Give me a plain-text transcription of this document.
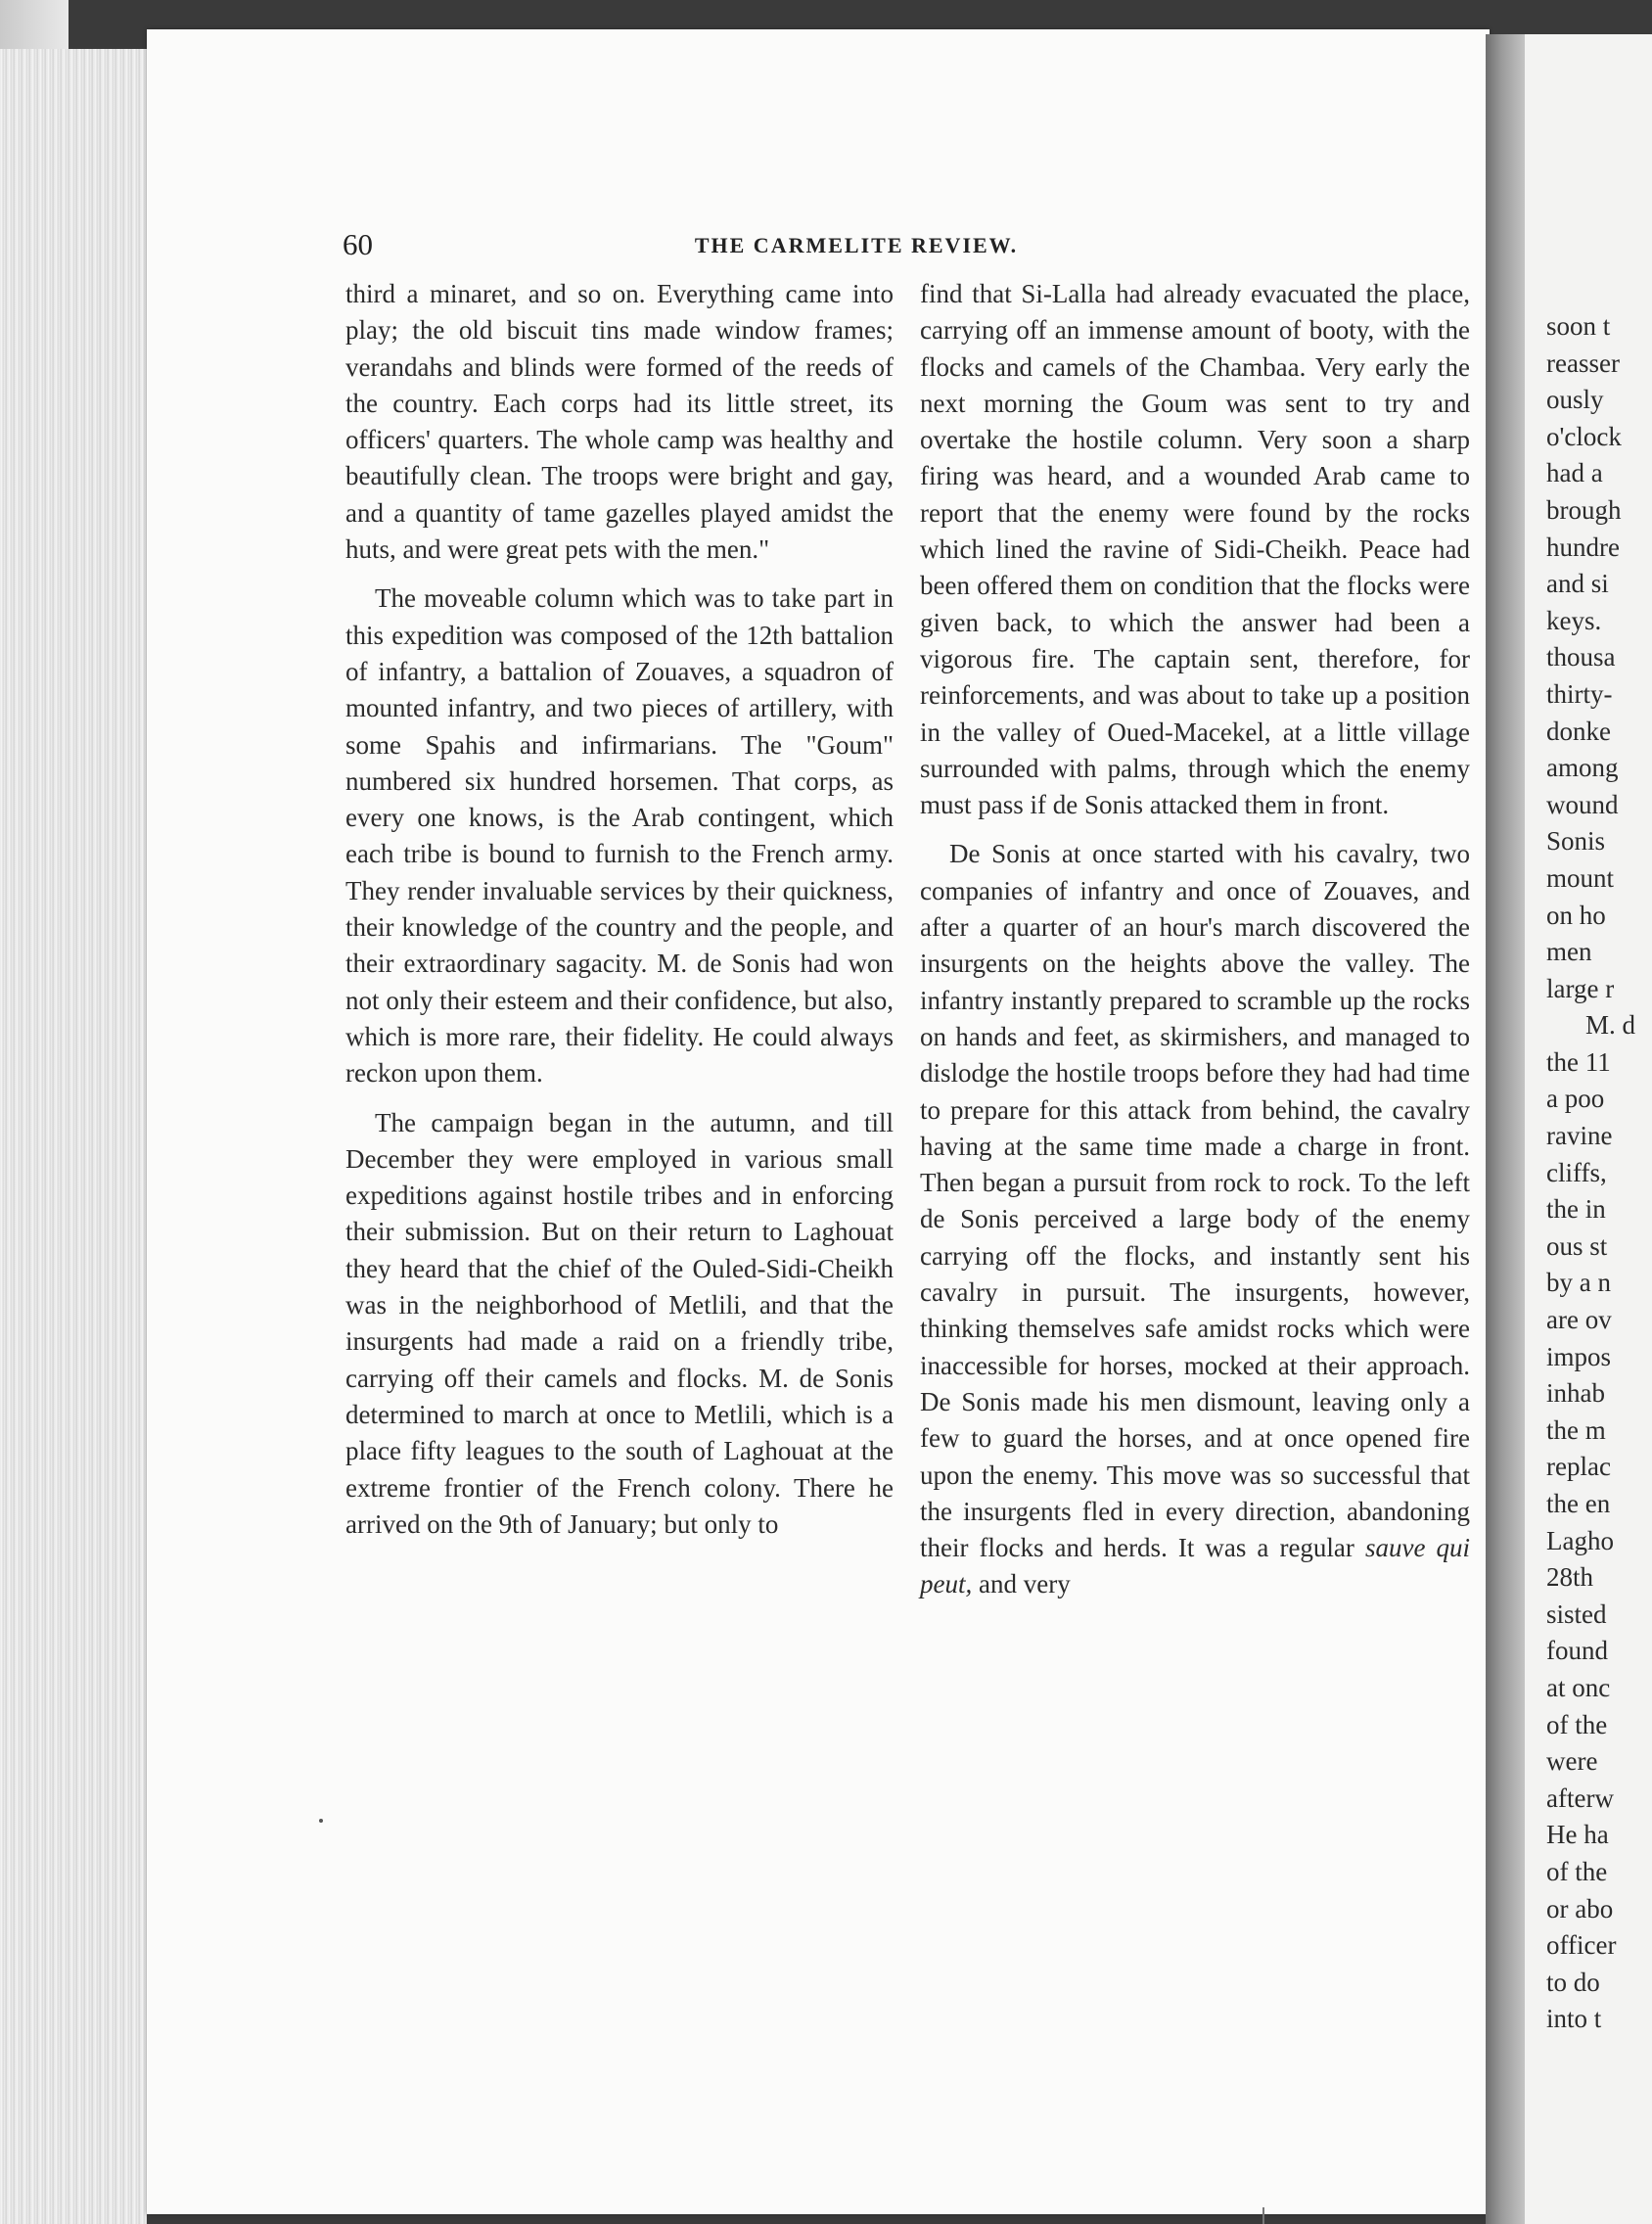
60	THE CARMELITE REVIEW.

third a minaret, and so on. Everything came into play; the old biscuit tins made window frames; verandahs and blinds were formed of the reeds of the country. Each corps had its little street, its officers' quarters. The whole camp was healthy and beautifully clean. The troops were bright and gay, and a quantity of tame gazelles played amidst the huts, and were great pets with the men."

The moveable column which was to take part in this expedition was composed of the 12th battalion of infantry, a battalion of Zouaves, a squadron of mounted infantry, and two pieces of artillery, with some Spahis and infirmarians. The "Goum" numbered six hundred horsemen. That corps, as every one knows, is the Arab contingent, which each tribe is bound to furnish to the French army. They render invaluable services by their quickness, their knowledge of the country and the people, and their extraordinary sagacity. M. de Sonis had won not only their esteem and their confidence, but also, which is more rare, their fidelity. He could always reckon upon them.

The campaign began in the autumn, and till December they were employed in various small expeditions against hostile tribes and in enforcing their submission. But on their return to Laghouat they heard that the chief of the Ouled-Sidi-Cheikh was in the neighborhood of Metlili, and that the insurgents had made a raid on a friendly tribe, carrying off their camels and flocks. M. de Sonis determined to march at once to Metlili, which is a place fifty leagues to the south of Laghouat at the extreme frontier of the French colony. There he arrived on the 9th of January; but only to

find that Si-Lalla had already evacuated the place, carrying off an immense amount of booty, with the flocks and camels of the Chambaa. Very early the next morning the Goum was sent to try and overtake the hostile column. Very soon a sharp firing was heard, and a wounded Arab came to report that the enemy were found by the rocks which lined the ravine of Sidi-Cheikh. Peace had been offered them on condition that the flocks were given back, to which the answer had been a vigorous fire. The captain sent, therefore, for reinforcements, and was about to take up a position in the valley of Oued-Macekel, at a little village surrounded with palms, through which the enemy must pass if de Sonis attacked them in front.

De Sonis at once started with his cavalry, two companies of infantry and once of Zouaves, and after a quarter of an hour's march discovered the insurgents on the heights above the valley. The infantry instantly prepared to scramble up the rocks on hands and feet, as skirmishers, and managed to dislodge the hostile troops before they had had time to prepare for this attack from behind, the cavalry having at the same time made a charge in front. Then began a pursuit from rock to rock. To the left de Sonis perceived a large body of the enemy carrying off the flocks, and instantly sent his cavalry in pursuit. The insurgents, however, thinking themselves safe amidst rocks which were inaccessible for horses, mocked at their approach. De Sonis made his men dismount, leaving only a few to guard the horses, and at once opened fire upon the enemy. This move was so successful that the insurgents fled in every direction, abandoning their flocks and herds. It was a regular sauve qui peut, and very

soon t
reasser
ously
o'clock
had a
brough
hundre
and si
keys.
thousa
thirty-
donke
among
wound
Sonis
mount
on ho
men
large r
M. d
the 11
a poo
ravine
cliffs,
the in
ous st
by a n
are ov
impos
inhab
the m
replac
the en
Lagho
28th
sisted
found
at onc
of the
were
afterw
He ha
of the
or abo
officer
to do
into t
